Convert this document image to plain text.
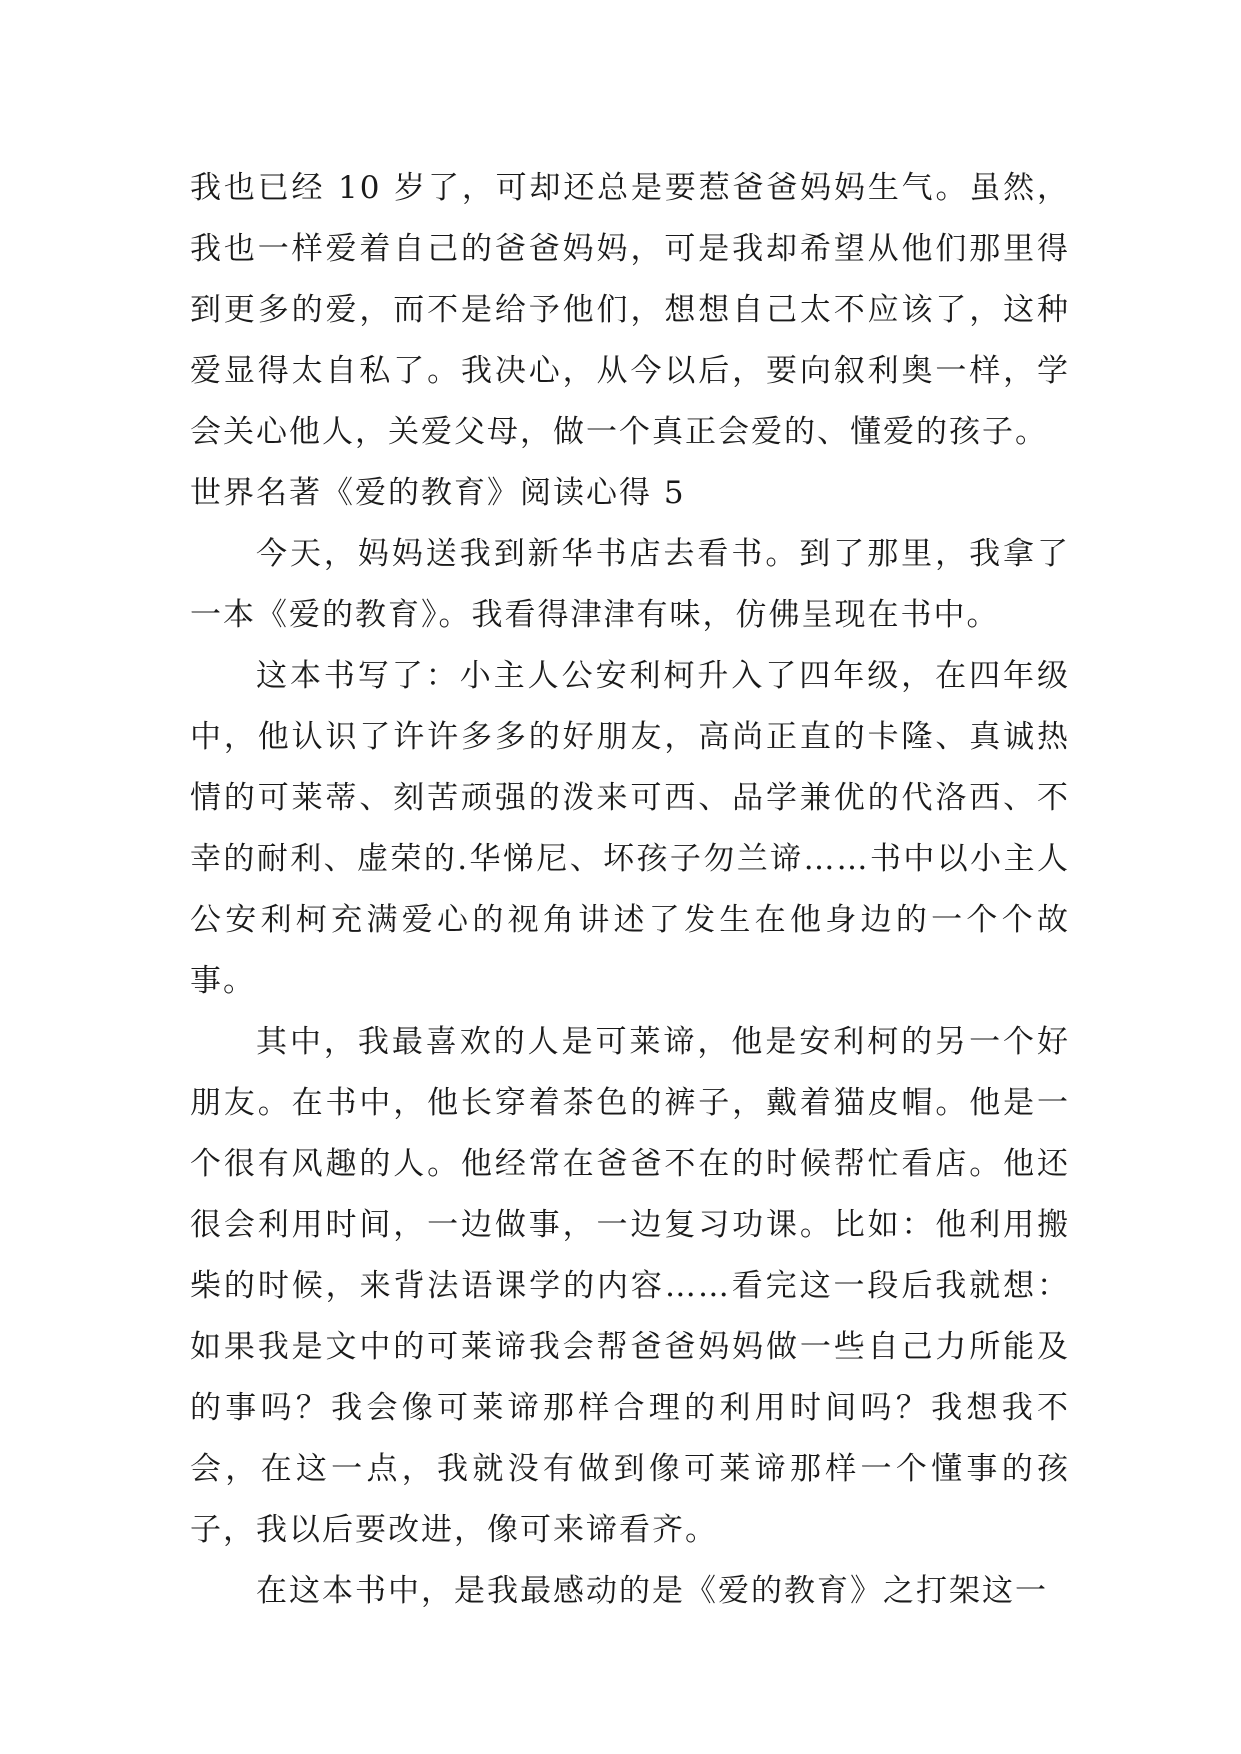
我也已经 10 岁了，可却还总是要惹爸爸妈妈生气。虽然，我也一样爱着自己的爸爸妈妈，可是我却希望从他们那里得到更多的爱，而不是给予他们，想想自己太不应该了，这种爱显得太自私了。我决心，从今以后，要向叙利奥一样，学会关心他人，关爱父母，做一个真正会爱的、懂爱的孩子。

世界名著《爱的教育》阅读心得 5

今天，妈妈送我到新华书店去看书。到了那里，我拿了一本《爱的教育》。我看得津津有味，仿佛呈现在书中。

这本书写了：小主人公安利柯升入了四年级，在四年级中，他认识了许许多多的好朋友，高尚正直的卡隆、真诚热情的可莱蒂、刻苦顽强的泼来可西、品学兼优的代洛西、不幸的耐利、虚荣的.华悌尼、坏孩子勿兰谛……书中以小主人公安利柯充满爱心的视角讲述了发生在他身边的一个个故事。

其中，我最喜欢的人是可莱谛，他是安利柯的另一个好朋友。在书中，他长穿着茶色的裤子，戴着猫皮帽。他是一个很有风趣的人。他经常在爸爸不在的时候帮忙看店。他还很会利用时间，一边做事，一边复习功课。比如：他利用搬柴的时候，来背法语课学的内容……看完这一段后我就想：如果我是文中的可莱谛我会帮爸爸妈妈做一些自己力所能及的事吗？我会像可莱谛那样合理的利用时间吗？我想我不会，在这一点，我就没有做到像可莱谛那样一个懂事的孩子，我以后要改进，像可来谛看齐。

在这本书中，是我最感动的是《爱的教育》之打架这一
